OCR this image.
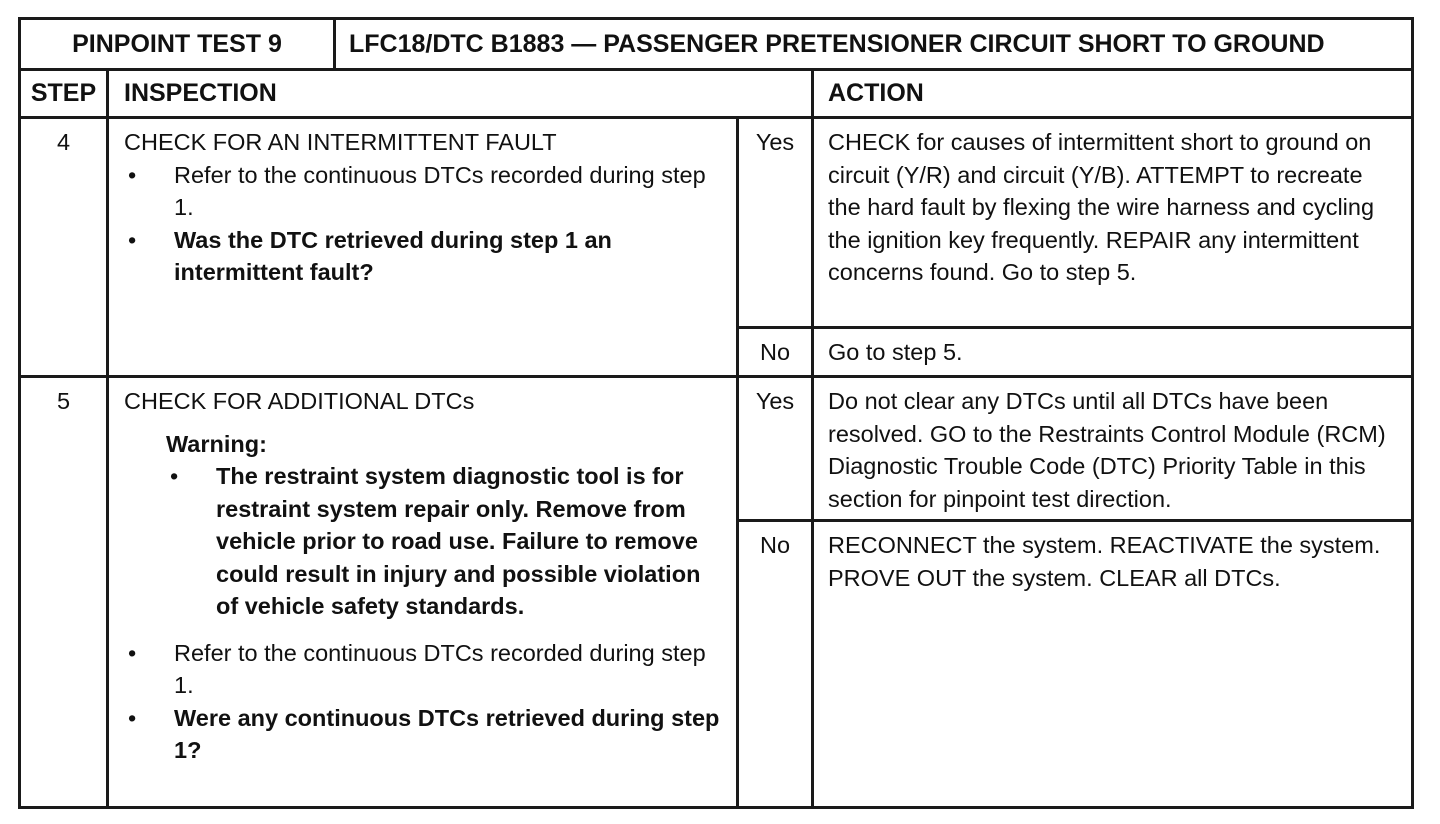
PINPOINT TEST 9	LFC18/DTC B1883 — PASSENGER PRETENSIONER CIRCUIT SHORT TO GROUND
STEP	INSPECTION	ACTION
4	CHECK FOR AN INTERMITTENT FAULT
• Refer to the continuous DTCs recorded during step 1.
• Was the DTC retrieved during step 1 an intermittent fault?
Yes	CHECK for causes of intermittent short to ground on circuit (Y/R) and circuit (Y/B). ATTEMPT to recreate the hard fault by flexing the wire harness and cycling the ignition key frequently. REPAIR any intermittent concerns found. Go to step 5.
No	Go to step 5.
5	CHECK FOR ADDITIONAL DTCs
Warning:
• The restraint system diagnostic tool is for restraint system repair only. Remove from vehicle prior to road use. Failure to remove could result in injury and possible violation of vehicle safety standards.
• Refer to the continuous DTCs recorded during step 1.
• Were any continuous DTCs retrieved during step 1?
Yes	Do not clear any DTCs until all DTCs have been resolved. GO to the Restraints Control Module (RCM) Diagnostic Trouble Code (DTC) Priority Table in this section for pinpoint test direction.
No	RECONNECT the system. REACTIVATE the system. PROVE OUT the system. CLEAR all DTCs.
